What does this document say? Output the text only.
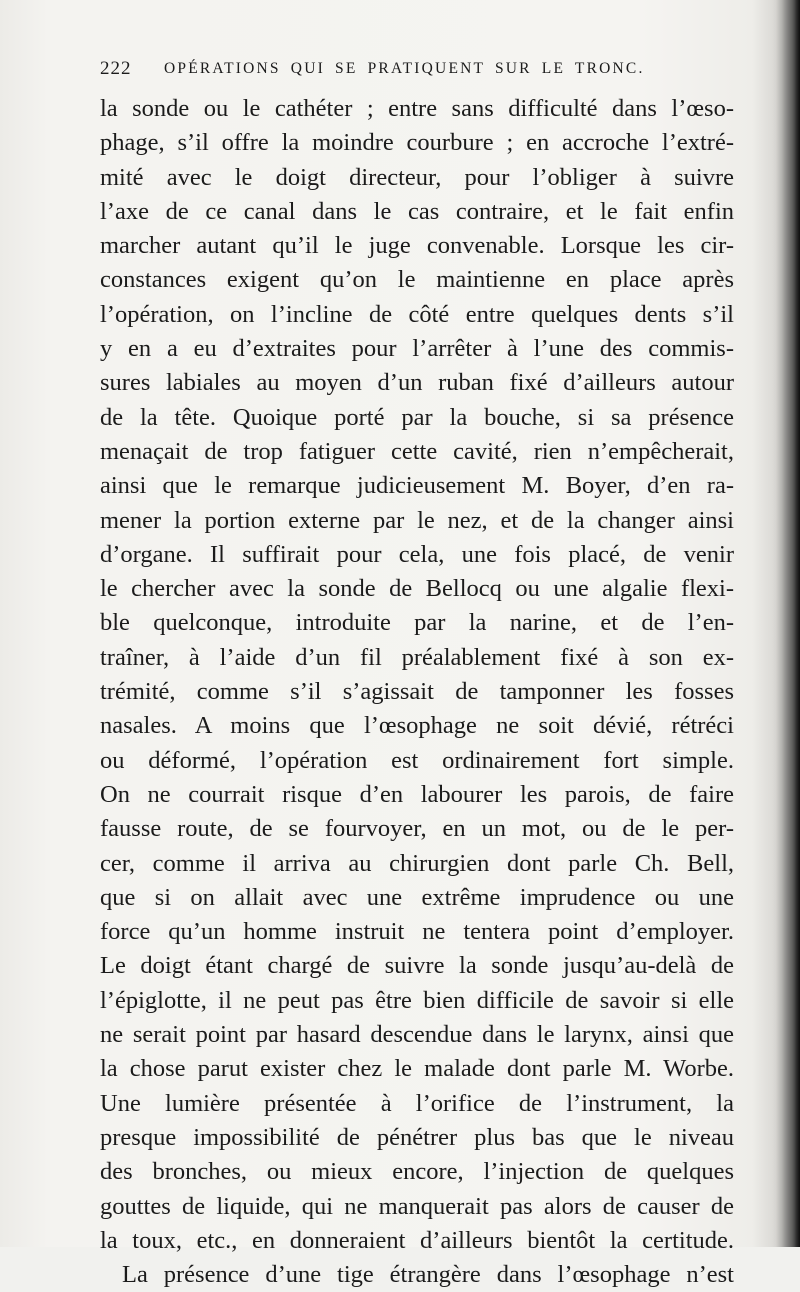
222 OPÉRATIONS QUI SE PRATIQUENT SUR LE TRONC.
la sonde ou le cathéter ; entre sans difficulté dans l’œso-
phage, s’il offre la moindre courbure ; en accroche l’extré-
mité avec le doigt directeur, pour l’obliger à suivre
l’axe de ce canal dans le cas contraire, et le fait enfin
marcher autant qu’il le juge convenable. Lorsque les cir-
constances exigent qu’on le maintienne en place après
l’opération, on l’incline de côté entre quelques dents s’il
y en a eu d’extraites pour l’arrêter à l’une des commis-
sures labiales au moyen d’un ruban fixé d’ailleurs autour
de la tête. Quoique porté par la bouche, si sa présence
menaçait de trop fatiguer cette cavité, rien n’empêcherait,
ainsi que le remarque judicieusement M. Boyer, d’en ra-
mener la portion externe par le nez, et de la changer ainsi
d’organe. Il suffirait pour cela, une fois placé, de venir
le chercher avec la sonde de Bellocq ou une algalie flexi-
ble quelconque, introduite par la narine, et de l’en-
traîner, à l’aide d’un fil préalablement fixé à son ex-
trémité, comme s’il s’agissait de tamponner les fosses
nasales. A moins que l’œsophage ne soit dévié, rétréci
ou déformé, l’opération est ordinairement fort simple.
On ne courrait risque d’en labourer les parois, de faire
fausse route, de se fourvoyer, en un mot, ou de le per-
cer, comme il arriva au chirurgien dont parle Ch. Bell,
que si on allait avec une extrême imprudence ou une
force qu’un homme instruit ne tentera point d’employer.
Le doigt étant chargé de suivre la sonde jusqu’au-delà de
l’épiglotte, il ne peut pas être bien difficile de savoir si elle
ne serait point par hasard descendue dans le larynx, ainsi que
la chose parut exister chez le malade dont parle M. Worbe.
Une lumière présentée à l’orifice de l’instrument, la
presque impossibilité de pénétrer plus bas que le niveau
des bronches, ou mieux encore, l’injection de quelques
gouttes de liquide, qui ne manquerait pas alors de causer de
la toux, etc., en donneraient d’ailleurs bientôt la certitude.
La présence d’une tige étrangère dans l’œsophage n’est
